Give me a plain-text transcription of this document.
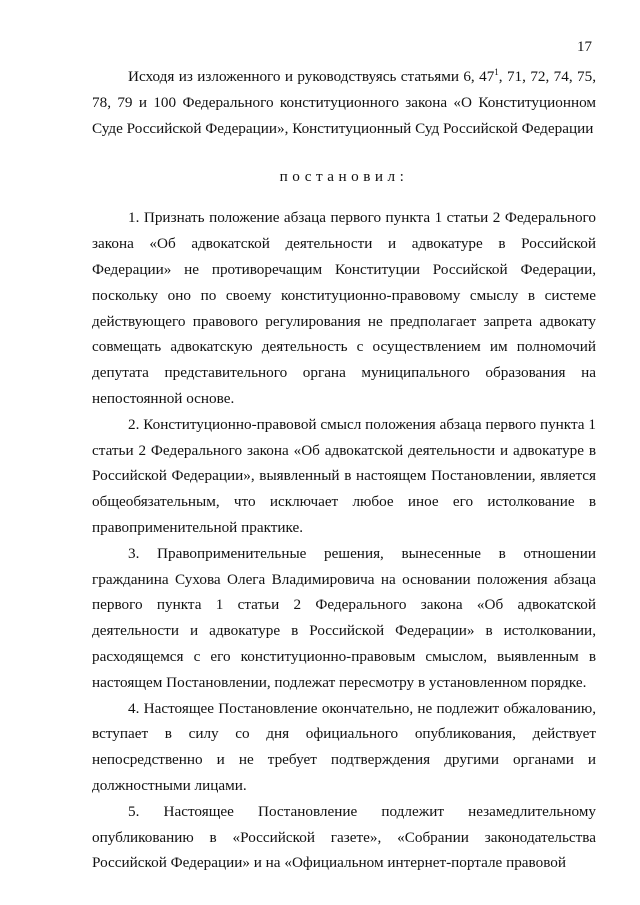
17

Исходя из изложенного и руководствуясь статьями 6, $47^1$, 71, 72, 74, 75, 78, 79 и 100 Федерального конституционного закона «О Конституционном Суде Российской Федерации», Конституционный Суд Российской Федерации

постановил:

1. Признать положение абзаца первого пункта 1 статьи 2 Федерального закона «Об адвокатской деятельности и адвокатуре в Российской Федерации» не противоречащим Конституции Российской Федерации, поскольку оно по своему конституционно-правовому смыслу в системе действующего правового регулирования не предполагает запрета адвокату совмещать адвокатскую деятельность с осуществлением им полномочий депутата представительного органа муниципального образования на непостоянной основе.

2. Конституционно-правовой смысл положения абзаца первого пункта 1 статьи 2 Федерального закона «Об адвокатской деятельности и адвокатуре в Российской Федерации», выявленный в настоящем Постановлении, является общеобязательным, что исключает любое иное его истолкование в правоприменительной практике.

3. Правоприменительные решения, вынесенные в отношении гражданина Сухова Олега Владимировича на основании положения абзаца первого пункта 1 статьи 2 Федерального закона «Об адвокатской деятельности и адвокатуре в Российской Федерации» в истолковании, расходящемся с его конституционно-правовым смыслом, выявленным в настоящем Постановлении, подлежат пересмотру в установленном порядке.

4. Настоящее Постановление окончательно, не подлежит обжалованию, вступает в силу со дня официального опубликования, действует непосредственно и не требует подтверждения другими органами и должностными лицами.

5. Настоящее Постановление подлежит незамедлительному опубликованию в «Российской газете», «Собрании законодательства Российской Федерации» и на «Официальном интернет-портале правовой
